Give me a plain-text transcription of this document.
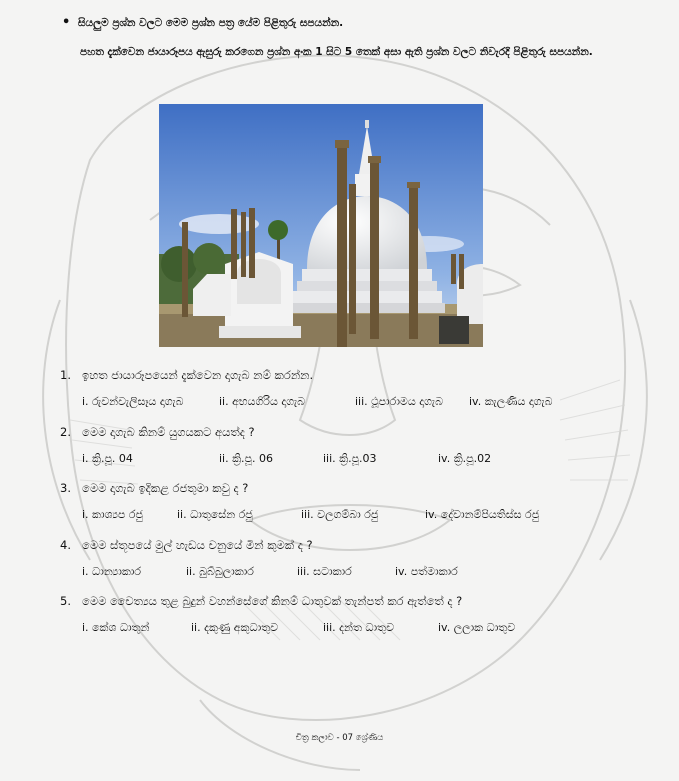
• සියලුම ප්‍රශ්න වලට මෙම ප්‍රශ්න පත්‍ර යේම පිළිතුරු සපයන්න.
පහත දැක්වෙන ජායාරූපය ඇසුරු කරගෙන ප්‍රශ්න අංක 1 සිට 5 තෙක් අසා ඇති ප්‍රශ්න වලට නිවැරදි පිළිතුරු සපයන්න.
1. ඉහත ජායාරූපයෙන් දැක්වෙන දාගැබ නම් කරන්න.
i. රුවන්වැලිසෑය දාගැබ	ii. අභයගිරිය දාගැබ	iii. ථූපාරාමය දාගැබ iv. කැලණිය දාගැබ
2. මෙම දාගැබ කිනම් යුගයකට අයත්ද ?
i. ක්‍රි.පූ. 04	ii. ක්‍රි.පූ. 06	iii. ක්‍රි.පූ.03	iv. ක්‍රි.පූ.02
3. මෙම දාගැබ ඉදිකළ රජතුමා කවු ද ?
i. කාශ්‍යප රජු	ii. ධාතුසේන රජු	iii. වලගම්බා රජු	iv. දේවානම්පියතිස්ස රජු
4. මෙම ස්තූපයේ මුල් හැඩය චනුයේ මින් කුමක් ද ?
i. ධාන්‍යාකාර	ii. බුබ්බුලාකාර	iii. ඝටාකාර	iv. පත්මාකාර
5. මෙම චෛත්‍යය තුළ බුදුන් වහන්සේගේ කිනම් ධාතුවක් තැන්පත් කර ඇත්තේ ද ?
i. කේශ ධාතුන්	ii. දකුණු අකුධාතුව	iii. දන්ත ධාතුව	iv. ලලාක ධාතුව
චිත්‍ර කලාව - 07 ශ්‍රේණිය
